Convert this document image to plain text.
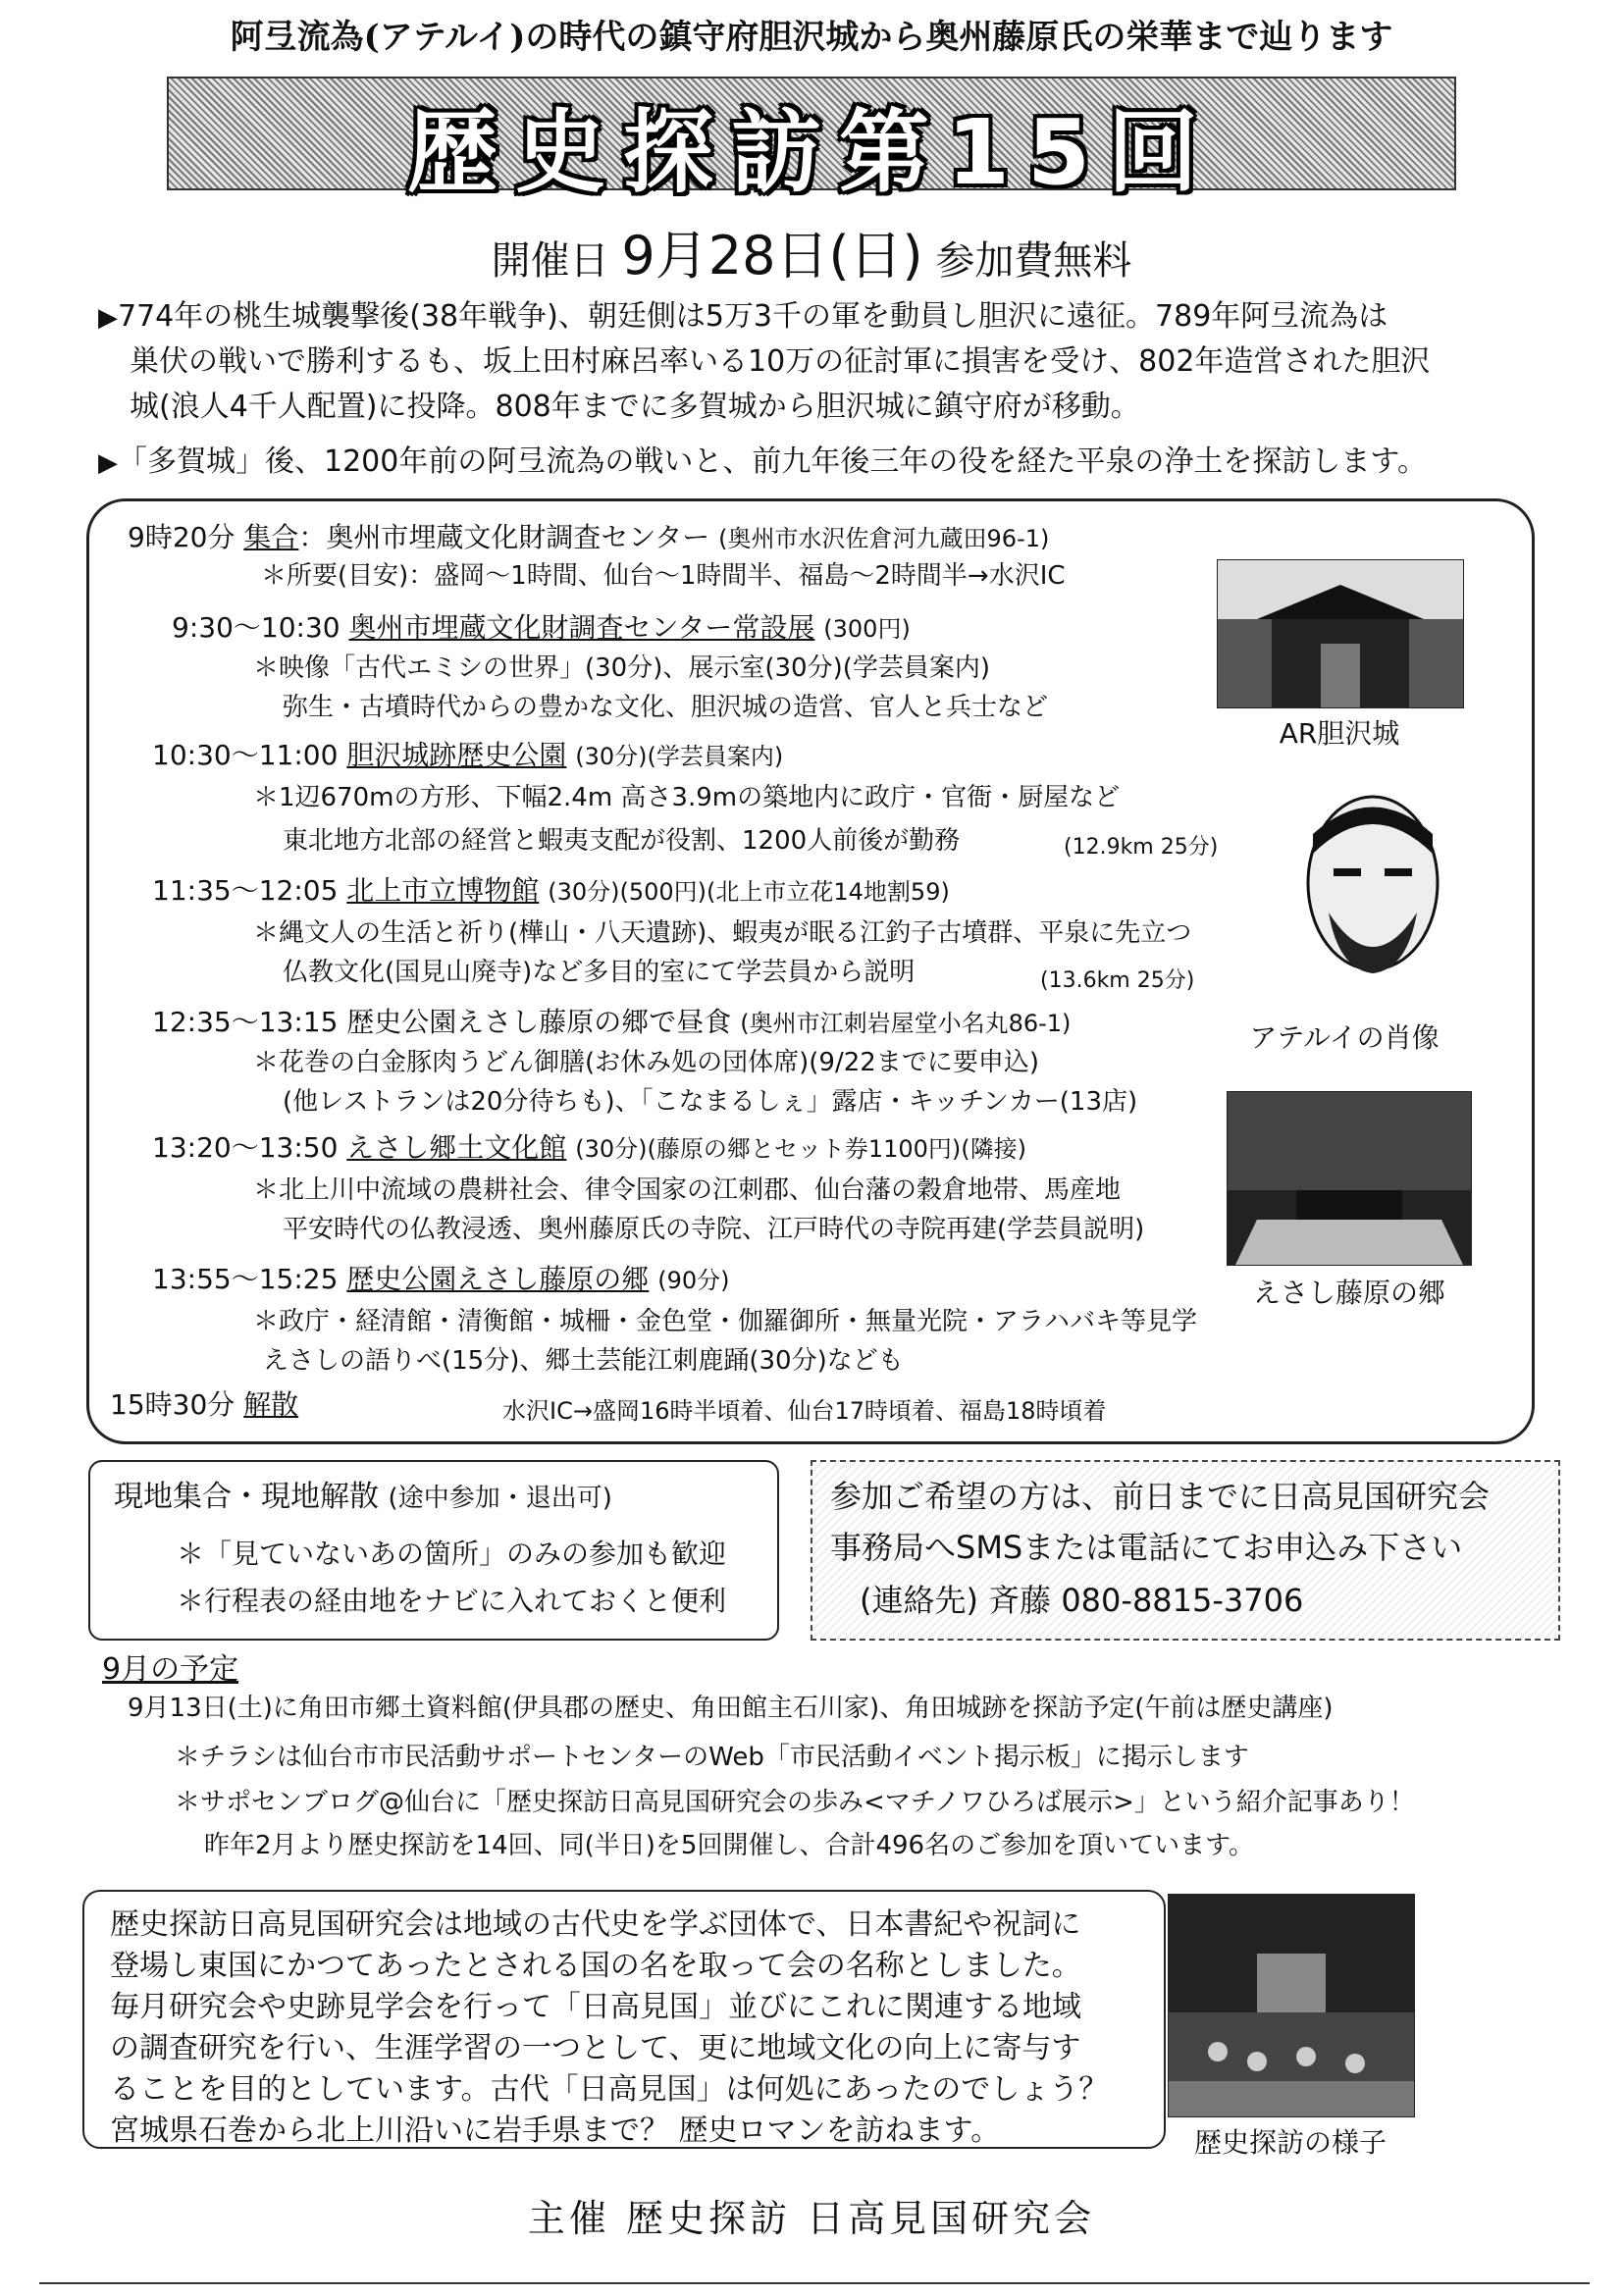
阿弖流為(アテルイ)の時代の鎮守府胆沢城から奥州藤原氏の栄華まで辿ります
歴史探訪第15回
開催日 9月28日(日) 参加費無料
▶774年の桃生城襲撃後(38年戦争)、朝廷側は5万3千の軍を動員し胆沢に遠征。789年阿弖流為は
巣伏の戦いで勝利するも、坂上田村麻呂率いる10万の征討軍に損害を受け、802年造営された胆沢
城(浪人4千人配置)に投降。808年までに多賀城から胆沢城に鎮守府が移動。
▶「多賀城」後、1200年前の阿弖流為の戦いと、前九年後三年の役を経た平泉の浄土を探訪します。
9時20分 集合：奥州市埋蔵文化財調査センター (奥州市水沢佐倉河九蔵田96-1)
＊所要(目安)：盛岡～1時間、仙台～1時間半、福島～2時間半→水沢IC
9:30～10:30 奥州市埋蔵文化財調査センター常設展 (300円)
＊映像「古代エミシの世界」(30分)、展示室(30分)(学芸員案内)
弥生・古墳時代からの豊かな文化、胆沢城の造営、官人と兵士など
10:30～11:00 胆沢城跡歴史公園 (30分)(学芸員案内)
＊1辺670mの方形、下幅2.4m 高さ3.9mの築地内に政庁・官衙・厨屋など
東北地方北部の経営と蝦夷支配が役割、1200人前後が勤務	(12.9km 25分)
11:35～12:05 北上市立博物館 (30分)(500円)(北上市立花14地割59)
＊縄文人の生活と祈り(樺山・八天遺跡)、蝦夷が眠る江釣子古墳群、平泉に先立つ
仏教文化(国見山廃寺)など多目的室にて学芸員から説明	(13.6km 25分)
12:35～13:15 歴史公園えさし藤原の郷で昼食 (奥州市江刺岩屋堂小名丸86-1)
＊花巻の白金豚肉うどん御膳(お休み処の団体席)(9/22までに要申込)
(他レストランは20分待ちも)、「こなまるしぇ」露店・キッチンカー(13店)
13:20～13:50 えさし郷土文化館 (30分)(藤原の郷とセット券1100円)(隣接)
＊北上川中流域の農耕社会、律令国家の江刺郡、仙台藩の穀倉地帯、馬産地
平安時代の仏教浸透、奥州藤原氏の寺院、江戸時代の寺院再建(学芸員説明)
13:55～15:25 歴史公園えさし藤原の郷 (90分)
＊政庁・経清館・清衡館・城柵・金色堂・伽羅御所・無量光院・アラハバキ等見学
えさしの語りべ(15分)、郷土芸能江刺鹿踊(30分)なども
15時30分 解散	水沢IC→盛岡16時半頃着、仙台17時頃着、福島18時頃着
AR胆沢城
アテルイの肖像
えさし藤原の郷
現地集合・現地解散 (途中参加・退出可)
＊「見ていないあの箇所」のみの参加も歓迎
＊行程表の経由地をナビに入れておくと便利
参加ご希望の方は、前日までに日高見国研究会
事務局へSMSまたは電話にてお申込み下さい
(連絡先) 斉藤 080-8815-3706
9月の予定
9月13日(土)に角田市郷土資料館(伊具郡の歴史、角田館主石川家)、角田城跡を探訪予定(午前は歴史講座)
＊チラシは仙台市市民活動サポートセンターのWeb「市民活動イベント掲示板」に掲示します
＊サポセンブログ@仙台に「歴史探訪日高見国研究会の歩み<マチノワひろば展示>」という紹介記事あり！
昨年2月より歴史探訪を14回、同(半日)を5回開催し、合計496名のご参加を頂いています。
歴史探訪日高見国研究会は地域の古代史を学ぶ団体で、日本書紀や祝詞に
登場し東国にかつてあったとされる国の名を取って会の名称としました。
毎月研究会や史跡見学会を行って「日高見国」並びにこれに関連する地域
の調査研究を行い、生涯学習の一つとして、更に地域文化の向上に寄与す
ることを目的としています。古代「日高見国」は何処にあったのでしょう？
宮城県石巻から北上川沿いに岩手県まで？ 歴史ロマンを訪ねます。	歴史探訪の様子
主催 歴史探訪 日高見国研究会
